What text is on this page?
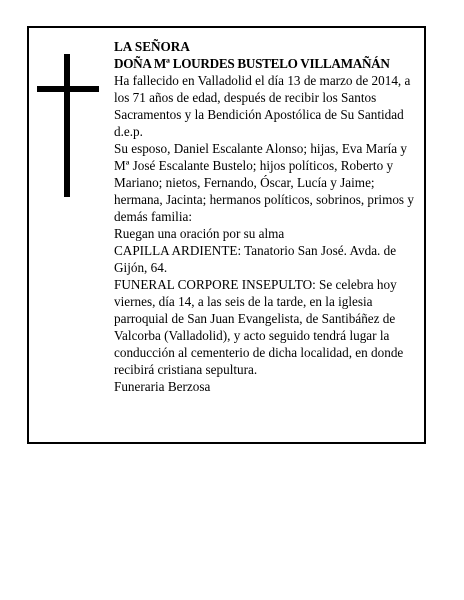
LA SEÑORA

DOÑA Mª LOURDES BUSTELO VILLAMAÑÁN

Ha fallecido en Valladolid el día 13 de marzo de 2014, a los 71 años de edad, después de recibir los Santos Sacramentos y la Bendición Apostólica de Su Santidad d.e.p.

Su esposo, Daniel Escalante Alonso; hijas, Eva María y Mª José Escalante Bustelo; hijos políticos, Roberto y Mariano; nietos, Fernando, Óscar, Lucía y Jaime; hermana, Jacinta; hermanos políticos, sobrinos, primos y demás familia:

Ruegan una oración por su alma

CAPILLA ARDIENTE: Tanatorio San José. Avda. de Gijón, 64.

FUNERAL CORPORE INSEPULTO: Se celebra hoy viernes, día 14, a las seis de la tarde, en la iglesia parroquial de San Juan Evangelista, de Santibáñez de Valcorba (Valladolid), y acto seguido tendrá lugar la conducción al cementerio de dicha localidad, en donde recibirá cristiana sepultura.

Funeraria Berzosa
